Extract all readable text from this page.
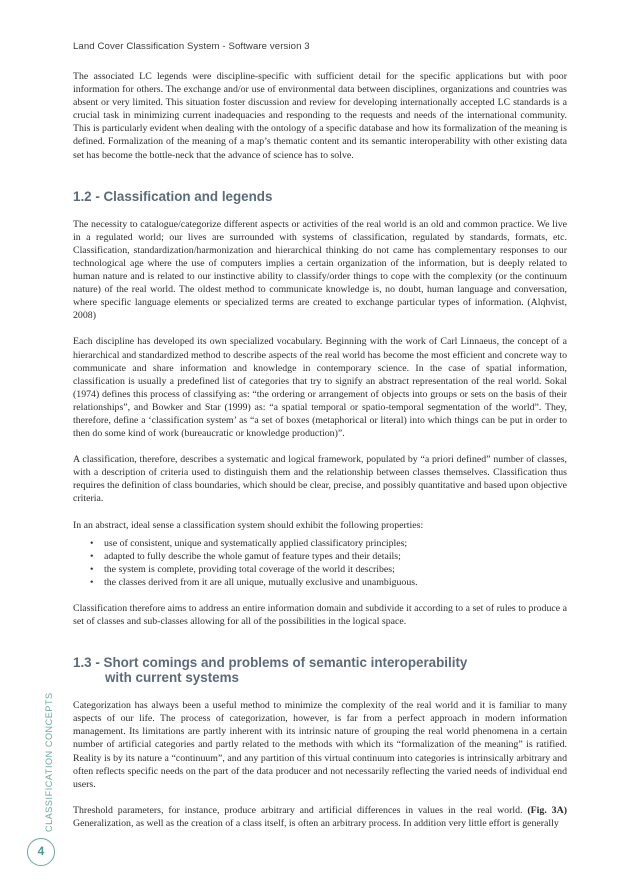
Land Cover Classification System - Software version 3

The associated LC legends were discipline-specific with sufficient detail for the specific applications but with poor information for others. The exchange and/or use of environmental data between disciplines, organizations and countries was absent or very limited. This situation foster discussion and review for developing internationally accepted LC standards is a crucial task in minimizing current inadequacies and responding to the requests and needs of the international community. This is particularly evident when dealing with the ontology of a specific database and how its formalization of the meaning is defined. Formalization of the meaning of a map’s thematic content and its semantic interoperability with other existing data set has become the bottle-neck that the advance of science has to solve.

1.2 - Classification and legends

The necessity to catalogue/categorize different aspects or activities of the real world is an old and common practice. We live in a regulated world; our lives are surrounded with systems of classification, regulated by standards, formats, etc. Classification, standardization/harmonization and hierarchical thinking do not came has complementary responses to our technological age where the use of computers implies a certain organization of the information, but is deeply related to human nature and is related to our instinctive ability to classify/order things to cope with the complexity (or the continuum nature) of the real world. The oldest method to communicate knowledge is, no doubt, human language and conversation, where specific language elements or specialized terms are created to exchange particular types of information. (Alqhvist, 2008)

Each discipline has developed its own specialized vocabulary. Beginning with the work of Carl Linnaeus, the concept of a hierarchical and standardized method to describe aspects of the real world has become the most efficient and concrete way to communicate and share information and knowledge in contemporary science. In the case of spatial information, classification is usually a predefined list of categories that try to signify an abstract representation of the real world. Sokal (1974) defines this process of classifying as: “the ordering or arrangement of objects into groups or sets on the basis of their relationships”, and Bowker and Star (1999) as: “a spatial temporal or spatio-temporal segmentation of the world”. They, therefore, define a ‘classification system’ as “a set of boxes (metaphorical or literal) into which things can be put in order to then do some kind of work (bureaucratic or knowledge production)”.

A classification, therefore, describes a systematic and logical framework, populated by “a priori defined” number of classes, with a description of criteria used to distinguish them and the relationship between classes themselves. Classification thus requires the definition of class boundaries, which should be clear, precise, and possibly quantitative and based upon objective criteria.

In an abstract, ideal sense a classification system should exhibit the following properties:

• use of consistent, unique and systematically applied classificatory principles;
• adapted to fully describe the whole gamut of feature types and their details;
• the system is complete, providing total coverage of the world it describes;
• the classes derived from it are all unique, mutually exclusive and unambiguous.

Classification therefore aims to address an entire information domain and subdivide it according to a set of rules to produce a set of classes and sub-classes allowing for all of the possibilities in the logical space.

1.3 - Short comings and problems of semantic interoperability
with current systems

Categorization has always been a useful method to minimize the complexity of the real world and it is familiar to many aspects of our life. The process of categorization, however, is far from a perfect approach in modern information management. Its limitations are partly inherent with its intrinsic nature of grouping the real world phenomena in a certain number of artificial categories and partly related to the methods with which its “formalization of the meaning” is ratified. Reality is by its nature a “continuum”, and any partition of this virtual continuum into categories is intrinsically arbitrary and often reflects specific needs on the part of the data producer and not necessarily reflecting the varied needs of individual end users.

Threshold parameters, for instance, produce arbitrary and artificial differences in values in the real world. (Fig. 3A) Generalization, as well as the creation of a class itself, is often an arbitrary process. In addition very little effort is generally

CLASSIFICATION CONCEPTS
4
